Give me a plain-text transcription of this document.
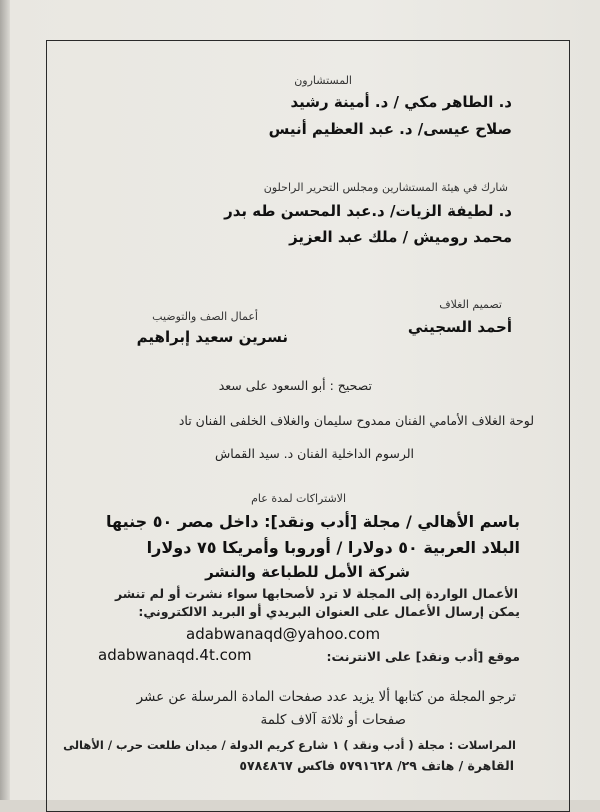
المستشارون
د. الطاهر مكي / د. أمينة رشيد
صلاح عيسى/ د. عبد العظيم أنيس
شارك في هيئة المستشارين ومجلس التحرير الراحلون
د. لطيفة الزيات/ د.عبد المحسن طه بدر
محمد روميش / ملك عبد العزيز
تصميم الغلاف
أعمال الصف والتوضيب
أحمد السجيني
نسرين سعيد إبراهيم
تصحيح : أبو السعود على سعد
لوحة الغلاف الأمامي الفنان ممدوح سليمان والغلاف الخلفى الفنان تاد
الرسوم الداخلية الفنان د. سيد القماش
الاشتراكات لمدة عام
باسم الأهالي / مجلة [أدب ونقد]: داخل مصر ٥٠ جنيها
البلاد العربية ٥٠ دولارا / أوروبا وأمريكا ٧٥ دولارا
شركة الأمل للطباعة والنشر
الأعمال الواردة إلى المجلة لا ترد لأصحابها سواء نشرت أو لم تنشر
يمكن إرسال الأعمال على العنوان البريدي أو البريد الالكتروني:
adabwanaqd@yahoo.com
موقع [أدب ونقد] على الانترنت:
adabwanaqd.4t.com
ترجو المجلة من كتابها ألا يزيد عدد صفحات المادة المرسلة عن عشر
صفحات أو ثلاثة آلاف كلمة
المراسلات : مجلة ( أدب ونقد ) ١ شارع كريم الدولة / ميدان طلعت حرب / الأهالى
القاهرة / هاتف ٢٩/ ٥٧٩١٦٢٨ فاكس ٥٧٨٤٨٦٧
